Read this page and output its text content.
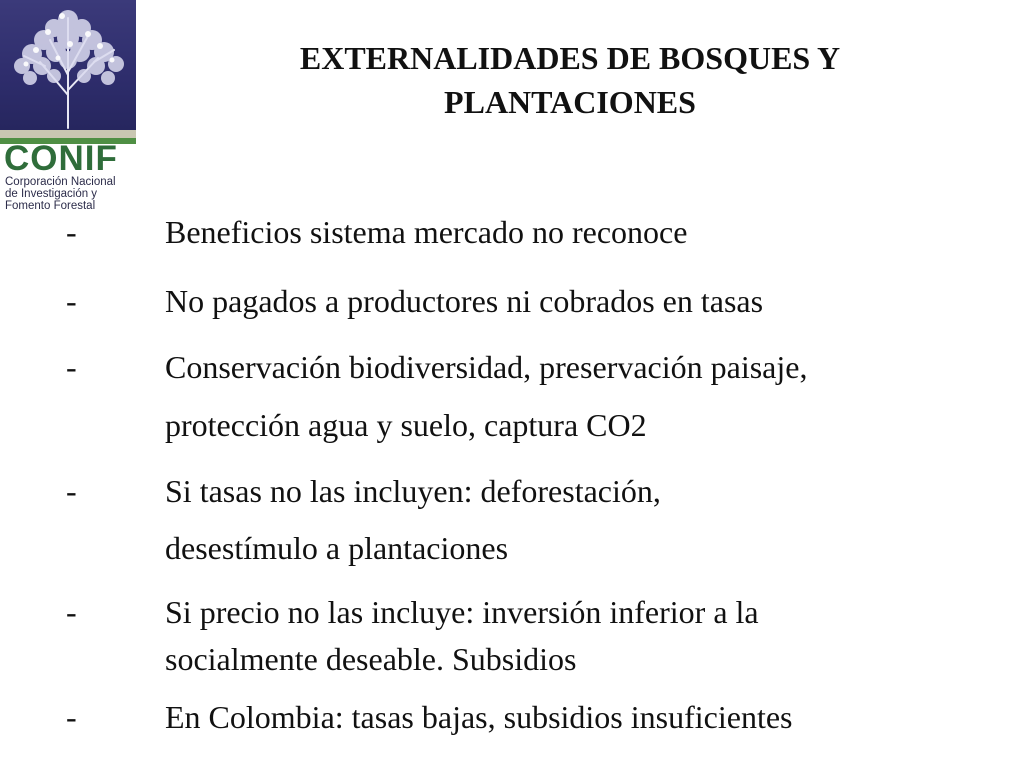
CONIF

Corporación Nacional

de Investigación y

Fomento Forestal

EXTERNALIDADES DE BOSQUES Y
PLANTACIONES
-	Beneficios sistema mercado no reconoce
-	No pagados a productores ni cobrados en tasas
-	Conservación biodiversidad, preservación paisaje,
protección agua y suelo, captura CO2
-	Si tasas no las incluyen: deforestación,
desestímulo a plantaciones
-	Si precio no las incluye: inversión inferior a la
socialmente deseable. Subsidios
-	En Colombia: tasas bajas, subsidios insuficientes
